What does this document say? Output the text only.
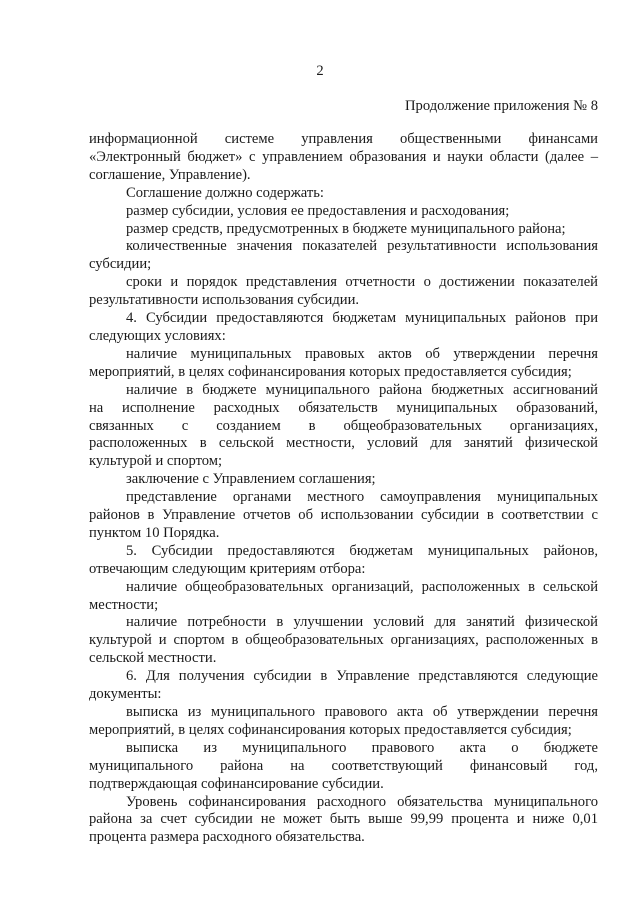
2
Продолжение приложения № 8

информационной системе управления общественными финансами «Электронный бюджет» с управлением образования и науки области (далее – соглашение, Управление).

Соглашение должно содержать:

размер субсидии, условия ее предоставления и расходования;

размер средств, предусмотренных в бюджете муниципального района;

количественные значения показателей результативности использования субсидии;

сроки и порядок представления отчетности о достижении показателей результативности использования субсидии.

4. Субсидии предоставляются бюджетам муниципальных районов при следующих условиях:

наличие муниципальных правовых актов об утверждении перечня мероприятий, в целях софинансирования которых предоставляется субсидия;

наличие в бюджете муниципального района бюджетных ассигнований
на исполнение расходных обязательств муниципальных образований,
связанных с созданием в общеобразовательных организациях,
расположенных в сельской местности, условий для занятий физической
культурой и спортом;

заключение с Управлением соглашения;

представление органами местного самоуправления муниципальных районов в Управление отчетов об использовании субсидии в соответствии с пунктом 10 Порядка.

5. Субсидии предоставляются бюджетам муниципальных районов, отвечающим следующим критериям отбора:

наличие общеобразовательных организаций, расположенных в сельской местности;

наличие потребности в улучшении условий для занятий физической культурой и спортом в общеобразовательных организациях, расположенных в сельской местности.

6. Для получения субсидии в Управление представляются следующие документы:

выписка из муниципального правового акта об утверждении перечня мероприятий, в целях софинансирования которых предоставляется субсидия;

выписка из муниципального правового акта о бюджете
муниципального района на соответствующий финансовый год,
подтверждающая софинансирование субсидии.

Уровень софинансирования расходного обязательства муниципального района за счет субсидии не может быть выше 99,99 процента и ниже 0,01 процента размера расходного обязательства.
